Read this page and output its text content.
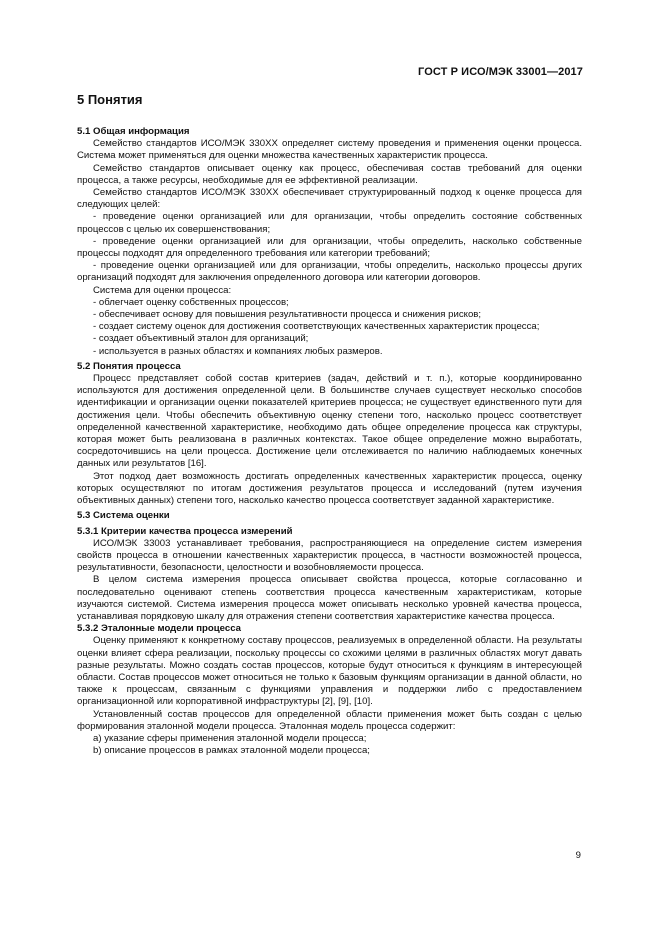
ГОСТ Р ИСО/МЭК 33001—2017
5 Понятия
5.1 Общая информация

Семейство стандартов ИСО/МЭК 330ХХ определяет систему проведения и применения оценки процесса. Система может применяться для оценки множества качественных характеристик процесса.

Семейство стандартов описывает оценку как процесс, обеспечивая состав требований для оценки процесса, а также ресурсы, необходимые для ее эффективной реализации.

Семейство стандартов ИСО/МЭК 330ХХ обеспечивает структурированный подход к оценке процесса для следующих целей:

- проведение оценки организацией или для организации, чтобы определить состояние собственных процессов с целью их совершенствования;

- проведение оценки организацией или для организации, чтобы определить, насколько собственные процессы подходят для определенного требования или категории требований;

- проведение оценки организацией или для организации, чтобы определить, насколько процессы других организаций подходят для заключения определенного договора или категории договоров.

Система для оценки процесса:

- облегчает оценку собственных процессов;

- обеспечивает основу для повышения результативности процесса и снижения рисков;

- создает систему оценок для достижения соответствующих качественных характеристик процесса;

- создает объективный эталон для организаций;

- используется в разных областях и компаниях любых размеров.

5.2 Понятия процесса

Процесс представляет собой состав критериев (задач, действий и т. п.), которые координированно используются для достижения определенной цели. В большинстве случаев существует несколько способов идентификации и организации оценки показателей критериев процесса; не существует единственного пути для достижения цели. Чтобы обеспечить объективную оценку степени того, насколько процесс соответствует определенной качественной характеристике, необходимо дать общее определение процесса как структуры, которая может быть реализована в различных контекстах. Такое общее определение можно выработать, сосредоточившись на цели процесса. Достижение цели отслеживается по наличию наблюдаемых конечных данных или результатов [16].

Этот подход дает возможность достигать определенных качественных характеристик процесса, оценку которых осуществляют по итогам достижения результатов процесса и исследований (путем изучения объективных данных) степени того, насколько качество процесса соответствует заданной характеристике.

5.3 Система оценки
5.3.1 Критерии качества процесса измерений

ИСО/МЭК 33003 устанавливает требования, распространяющиеся на определение систем измерения свойств процесса в отношении качественных характеристик процесса, в частности возможностей процесса, результативности, безопасности, целостности и возобновляемости процесса.

В целом система измерения процесса описывает свойства процесса, которые согласованно и последовательно оценивают степень соответствия процесса качественным характеристикам, которые изучаются системой. Система измерения процесса может описывать несколько уровней качества процесса, устанавливая порядковую шкалу для отражения степени соответствия характеристике качества процесса.

5.3.2 Эталонные модели процесса

Оценку применяют к конкретному составу процессов, реализуемых в определенной области. На результаты оценки влияет сфера реализации, поскольку процессы со схожими целями в различных областях могут давать разные результаты. Можно создать состав процессов, которые будут относиться к функциям в интересующей области. Состав процессов может относиться не только к базовым функциям организации в данной области, но также к процессам, связанным с функциями управления и поддержки либо с предоставлением организационной или корпоративной инфраструктуры [2], [9], [10].

Установленный состав процессов для определенной области применения может быть создан с целью формирования эталонной модели процесса. Эталонная модель процесса содержит:

a) указание сферы применения эталонной модели процесса;

b) описание процессов в рамках эталонной модели процесса;

9
